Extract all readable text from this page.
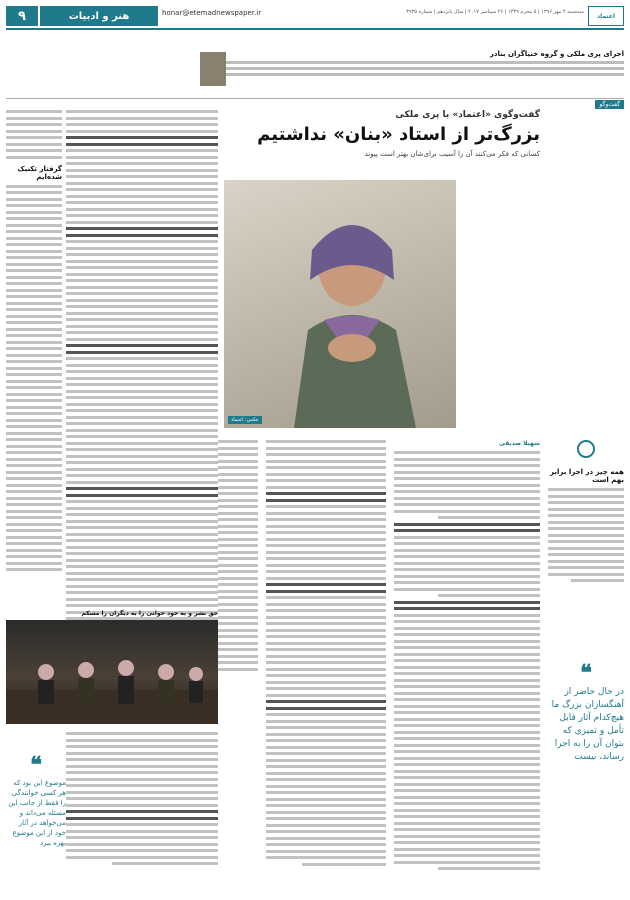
۹	هنر و ادبیات	honar@etemadnewspaper.ir	سه‌شنبه ۴ مهر ۱۳۹۶ | ۵ محرم ۱۴۳۹ | ۲۶ سپتامبر ۲۰۱۷ | سال پانزدهم | شماره ۳۹۳۵
اعتماد
اجرای پری ملکی و گروه خنیاگران بنادر
گفت‌وگو
گفت‌وگوی «اعتماد» با پری ملکی
بزرگ‌تر از استاد «بنان» نداشتیم
کسانی که فکر می‌کنند آن را آسیب برای‌شان بهتر است پیوند
عکس: اعتماد
سهیلا صدیقی
گرفتار تکنیک شده‌ایم
حق نشر و به خود خوانی را به دیگران را مسکم
❝
موضوع این بود که هر کسی خوانندگی را فقط از جانب این مسئله می‌داند و می‌خواهد در آثار خود از این موضوع بهره ببرد
همه چیز در اجرا برابر بهم است
❝
در حال حاضر از آهنگسازان بزرگ ما هیچ‌کدام آثار قابل تأمل و تمیزی که بتوان آن را به اجرا رساند، نیست
